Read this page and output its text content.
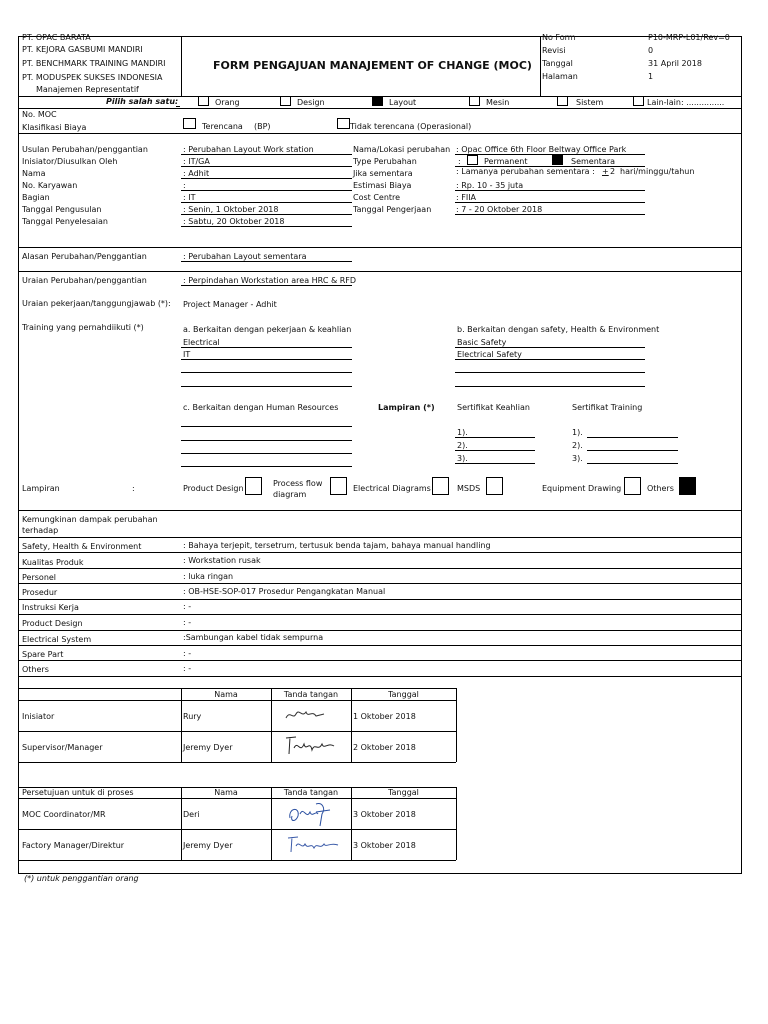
PT. OPAC BARATA
PT. KEJORA GASBUMI MANDIRI
PT. BENCHMARK TRAINING MANDIRI
PT. MODUSPEK SUKSES INDONESIA
Manajemen Representatif
FORM PENGAJUAN MANAJEMENT OF CHANGE (MOC)
No Form	P10-MRP-L01/Rev=0
Revisi	0
Tanggal	31 April 2018
Halaman	1
Pilih salah satu:	Orang	Design	Layout	Mesin	Sistem	Lain-lain: ...............
No. MOC
Klasifikasi Biaya	Terencana (BP)	Tidak terencana (Operasional)
Usulan Perubahan/penggantian	: Perubahan Layout Work station
Inisiator/Diusulkan Oleh	: IT/GA
Nama	: Adhit
No. Karyawan	:
Bagian	: IT
Tanggal Pengusulan	: Senin, 1 Oktober 2018
Tanggal Penyelesaian	: Sabtu, 20 Oktober 2018
Nama/Lokasi perubahan : Opac Office 6th Floor Beltway Office Park
Type Perubahan	:	Permanent	Sementara
Jika sementara	: Lamanya perubahan sementara : + 2 hari/minggu/tahun
Estimasi Biaya	: Rp. 10 - 35 juta
Cost Centre	: FIIA
Tanggal Pengerjaan	: 7 - 20 Oktober 2018
Alasan Perubahan/Penggantian	: Perubahan Layout sementara
Uraian Perubahan/penggantian	: Perpindahan Workstation area HRC & RFD
Uraian pekerjaan/tanggungjawab (*): Project Manager - Adhit
Training yang pernahdiikuti (*)	a. Berkaitan dengan pekerjaan & keahlian
Electrical
IT
b. Berkaitan dengan safety, Health & Environment
Basic Safety
Electrical Safety
c. Berkaitan dengan Human Resources	Lampiran (*)	Sertifikat Keahlian	Sertifikat Training
1).
2).
3).
1).
2).
3).
Lampiran	:	Product Design
Process flow
diagram
Electrical Diagrams	MSDS	Equipment Drawing	Others
Kemungkinan dampak perubahan
terhadap
Safety, Health & Environment	: Bahaya terjepit, tersetrum, tertusuk benda tajam, bahaya manual handling
Kualitas Produk	: Workstation rusak
Personel	: luka ringan
Prosedur	: OB-HSE-SOP-017 Prosedur Pengangkatan Manual
Instruksi Kerja	: -
Product Design	: -
Electrical System	:Sambungan kabel tidak sempurna
Spare Part	: -
Others	: -
Nama	Tanda tangan	Tanggal
Inisiator	Rury	1 Oktober 2018
Supervisor/Manager	Jeremy Dyer	2 Oktober 2018
Persetujuan untuk di proses	Nama	Tanda tangan	Tanggal
MOC Coordinator/MR	Deri	3 Oktober 2018
Factory Manager/Direktur	Jeremy Dyer	3 Oktober 2018
(*) untuk penggantian orang
